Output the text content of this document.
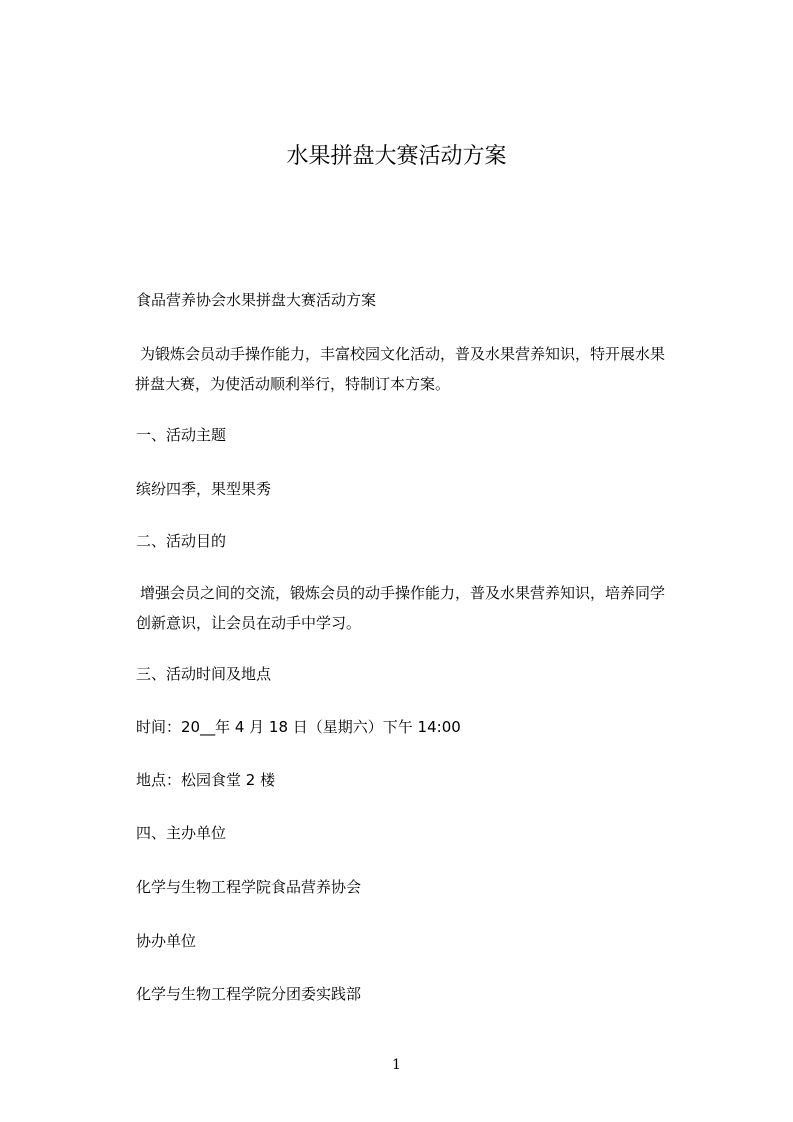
水果拼盘大赛活动方案
食品营养协会水果拼盘大赛活动方案
为锻炼会员动手操作能力，丰富校园文化活动，普及水果营养知识，特开展水果
拼盘大赛，为使活动顺利举行，特制订本方案。
一、活动主题
缤纷四季，果型果秀
二、活动目的
增强会员之间的交流，锻炼会员的动手操作能力，普及水果营养知识，培养同学
创新意识，让会员在动手中学习。
三、活动时间及地点
时间：20__年 4 月 18 日（星期六）下午 14:00
地点：松园食堂 2 楼
四、主办单位
化学与生物工程学院食品营养协会
协办单位
化学与生物工程学院分团委实践部
1
